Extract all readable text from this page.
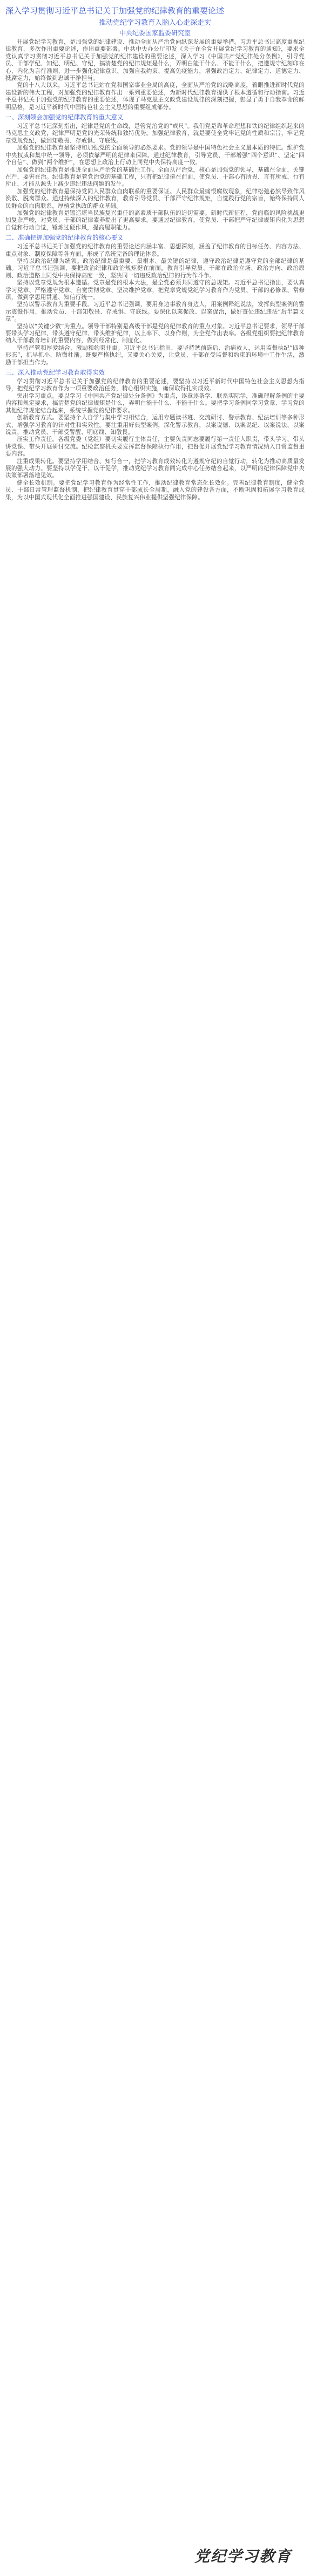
深入学习贯彻习近平总书记关于加强党的纪律教育的重要论述

推动党纪学习教育入脑入心走深走实

中央纪委国家监委研究室

开展党纪学习教育，是加强党的纪律建设、推动全面从严治党向纵深发展的重要举措。习近平总书记高度重视纪律教育，多次作出重要论述，作出重要部署。中共中央办公厅印发《关于在全党开展党纪学习教育的通知》，要求全党认真学习贯彻习近平总书记关于加强党的纪律建设的重要论述，深入学习《中国共产党纪律处分条例》，引导党员、干部学纪、知纪、明纪、守纪，搞清楚党的纪律规矩是什么，弄明白能干什么、不能干什么，把遵规守纪刻印在心，内化为言行准则，进一步强化纪律意识、加强自我约束、提高免疫能力，增强政治定力、纪律定力、道德定力、抵腐定力，始终做到忠诚干净担当。

党的十八大以来，习近平总书记站在党和国家事业全局的高度，全面从严治党的战略高度，着眼推进新时代党的建设新的伟大工程，对加强党的纪律教育作出一系列重要论述，为新时代纪律教育提供了根本遵循和行动指南。习近平总书记关于加强党的纪律教育的重要论述，体现了马克思主义政党建设规律的深刻把握，彰显了勇于自我革命的鲜明品格，是习近平新时代中国特色社会主义思想的重要组成部分。

一、深刻领会加强党的纪律教育的重大意义

习近平总书记深刻指出，纪律是党的生命线，是管党治党的“戒尺”。我们党是靠革命理想和铁的纪律组织起来的马克思主义政党，纪律严明是党的光荣传统和独特优势。加强纪律教育，就是要使全党牢记党的性质和宗旨，牢记党章党规党纪，做到知敬畏、存戒惧、守底线。

加强党的纪律教育是坚持和加强党的全面领导的必然要求。党的领导是中国特色社会主义最本质的特征。维护党中央权威和集中统一领导，必须依靠严明的纪律来保障。通过纪律教育，引导党员、干部增强“四个意识”、坚定“四个自信”、做到“两个维护”，在思想上政治上行动上同党中央保持高度一致。

加强党的纪律教育是推进全面从严治党的基础性工作。全面从严治党，核心是加强党的领导，基础在全面，关键在严，要害在治。纪律教育是管党治党的基础工程，只有把纪律挺在前面，使党员、干部心有所畏、言有所戒、行有所止，才能从源头上减少违纪违法问题的发生。

加强党的纪律教育是保持党同人民群众血肉联系的重要保证。人民群众最痛恨腐败现象，纪律松弛必然导致作风涣散、脱离群众。通过持续深入的纪律教育，教育引导党员、干部严守纪律规矩，自觉践行党的宗旨，始终保持同人民群众的血肉联系，厚植党执政的群众基础。

加强党的纪律教育是锻造堪当民族复兴重任的高素质干部队伍的迫切需要。新时代新征程，党面临的风险挑战更加复杂严峻，对党员、干部的纪律素养提出了更高要求。要通过纪律教育，使党员、干部把严守纪律规矩内化为思想自觉和行动自觉，锤炼过硬作风，提高履职能力。

二、准确把握加强党的纪律教育的核心要义

习近平总书记关于加强党的纪律教育的重要论述内涵丰富、思想深刻，涵盖了纪律教育的目标任务、内容方法、重点对象、制度保障等各方面，形成了系统完备的理论体系。

坚持以政治纪律为统领。政治纪律是最重要、最根本、最关键的纪律，遵守政治纪律是遵守党的全部纪律的基础。习近平总书记强调，要把政治纪律和政治规矩挺在前面，教育引导党员、干部在政治立场、政治方向、政治原则、政治道路上同党中央保持高度一致，坚决同一切违反政治纪律的行为作斗争。

坚持以党章党规为根本遵循。党章是党的根本大法，是全党必须共同遵守的总规矩。习近平总书记指出，要认真学习党章、严格遵守党章、自觉贯彻党章、坚决维护党章，把党章党规党纪学习教育作为党员、干部的必修课、常修课，做到学思用贯通、知信行统一。

坚持以警示教育为重要手段。习近平总书记强调，要用身边事教育身边人，用案例释纪说法，发挥典型案例的警示震慑作用，推动党员、干部知敬畏、存戒惧、守底线。要深化以案促改、以案促治，做好查处违纪违法“后半篇文章”。

坚持以“关键少数”为重点。领导干部特别是高级干部是党的纪律教育的重点对象。习近平总书记要求，领导干部要带头学习纪律、带头遵守纪律、带头维护纪律，以上率下、以身作则，为全党作出表率。各级党组织要把纪律教育纳入干部教育培训的重要内容，做到经常化、制度化。

坚持严管和厚爱结合、激励和约束并重。习近平总书记指出，要坚持惩前毖后、治病救人，运用监督执纪“四种形态”，抓早抓小、防微杜渐。既要严格执纪，又要关心关爱，让党员、干部在受监督和约束的环境中工作生活，激励干部担当作为。

三、深入推动党纪学习教育取得实效

学习贯彻习近平总书记关于加强党的纪律教育的重要论述，要坚持以习近平新时代中国特色社会主义思想为指导，把党纪学习教育作为一项重要政治任务，精心组织实施，确保取得扎实成效。

突出学习重点。要以学习《中国共产党纪律处分条例》为重点，逐章逐条学、联系实际学，准确理解条例的主要内容和规定要求，搞清楚党的纪律规矩是什么，弄明白能干什么、不能干什么。要把学习条例同学习党章、学习党的其他纪律规定结合起来，系统掌握党的纪律要求。

创新教育方式。要坚持个人自学与集中学习相结合，运用专题读书班、交流研讨、警示教育、纪法培训等多种形式，增强学习教育的针对性和实效性。要注重用好典型案例，深化警示教育，以案说德、以案说纪、以案说法、以案说责，推动党员、干部受警醒、明底线、知敬畏。

压实工作责任。各级党委（党组）要切实履行主体责任，主要负责同志要履行第一责任人职责，带头学习、带头讲党课、带头开展研讨交流。纪检监察机关要发挥监督保障执行作用，把督促开展党纪学习教育情况纳入日常监督重要内容。

注重成果转化。要坚持学用结合、知行合一，把学习教育成效转化为遵规守纪的自觉行动，转化为推动高质量发展的强大动力。要坚持以学促干、以干促学，推动党纪学习教育同完成中心任务结合起来，以严明的纪律保障党中央决策部署落地见效。

健全长效机制。要把党纪学习教育作为经常性工作，推动纪律教育常态化长效化。完善纪律教育制度，健全党员、干部日常管理监督机制，把纪律教育贯穿干部成长全周期，融入党的建设各方面，不断巩固和拓展学习教育成果，为以中国式现代化全面推进强国建设、民族复兴伟业提供坚强纪律保障。

党纪学习教育
